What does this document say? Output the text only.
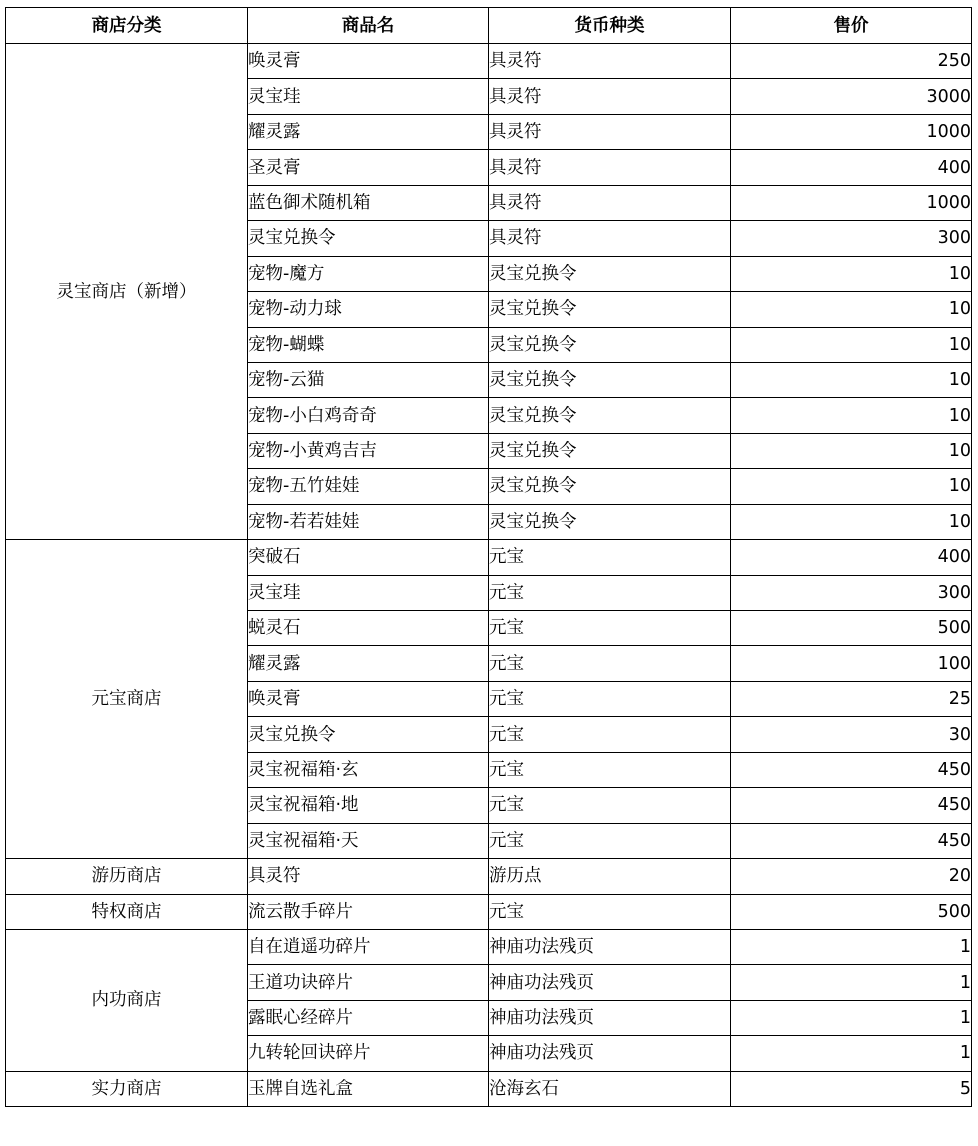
商店分类	商品名	货币种类	售价
灵宝商店（新增）	唤灵膏	具灵符	250
	灵宝珪	具灵符	3000
	耀灵露	具灵符	1000
	圣灵膏	具灵符	400
	蓝色御术随机箱	具灵符	1000
	灵宝兑换令	具灵符	300
	宠物-魔方	灵宝兑换令	10
	宠物-动力球	灵宝兑换令	10
	宠物-蝴蝶	灵宝兑换令	10
	宠物-云猫	灵宝兑换令	10
	宠物-小白鸡奇奇	灵宝兑换令	10
	宠物-小黄鸡吉吉	灵宝兑换令	10
	宠物-五竹娃娃	灵宝兑换令	10
	宠物-若若娃娃	灵宝兑换令	10
元宝商店	突破石	元宝	400
	灵宝珪	元宝	300
	蜕灵石	元宝	500
	耀灵露	元宝	100
	唤灵膏	元宝	25
	灵宝兑换令	元宝	30
	灵宝祝福箱·玄	元宝	450
	灵宝祝福箱·地	元宝	450
	灵宝祝福箱·天	元宝	450
游历商店	具灵符	游历点	20
特权商店	流云散手碎片	元宝	500
内功商店	自在逍遥功碎片	神庙功法残页	1
	王道功诀碎片	神庙功法残页	1
	露眠心经碎片	神庙功法残页	1
	九转轮回诀碎片	神庙功法残页	1
实力商店	玉牌自选礼盒	沧海玄石	5
